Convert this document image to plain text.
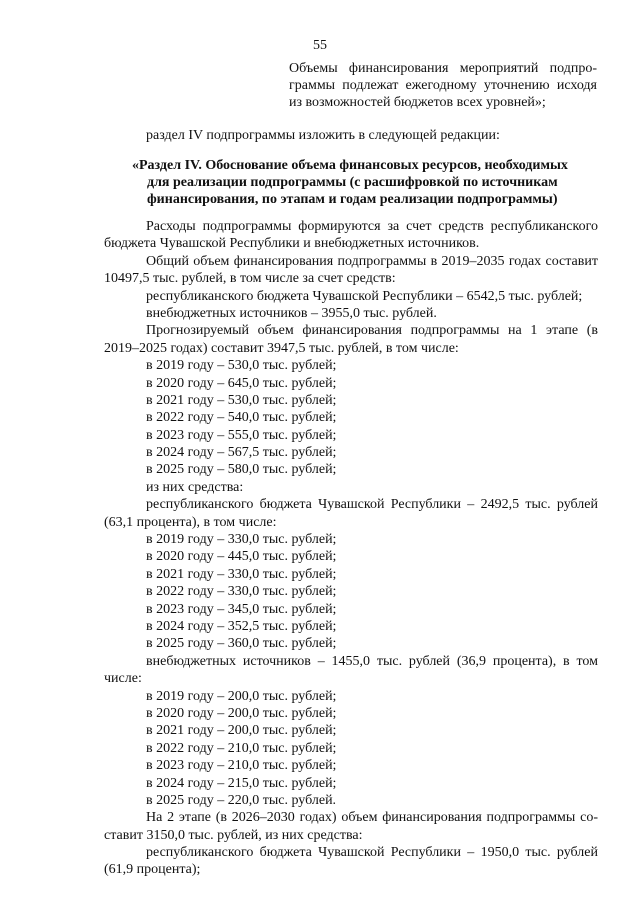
55
Объемы финансирования мероприятий подпро-
граммы подлежат ежегодному уточнению исходя
из возможностей бюджетов всех уровней»;
раздел IV подпрограммы изложить в следующей редакции:
«Раздел IV. Обоснование объема финансовых ресурсов, необходимых
для реализации подпрограммы (с расшифровкой по источникам
финансирования, по этапам и годам реализации подпрограммы)
Расходы подпрограммы формируются за счет средств республиканского
бюджета Чувашской Республики и внебюджетных источников.
Общий объем финансирования подпрограммы в 2019–2035 годах составит
10497,5 тыс. рублей, в том числе за счет средств:
республиканского бюджета Чувашской Республики – 6542,5 тыс. рублей;
внебюджетных источников – 3955,0 тыс. рублей.
Прогнозируемый объем финансирования подпрограммы на 1 этапе (в
2019–2025 годах) составит 3947,5 тыс. рублей, в том числе:
в 2019 году – 530,0 тыс. рублей;
в 2020 году – 645,0 тыс. рублей;
в 2021 году – 530,0 тыс. рублей;
в 2022 году – 540,0 тыс. рублей;
в 2023 году – 555,0 тыс. рублей;
в 2024 году – 567,5 тыс. рублей;
в 2025 году – 580,0 тыс. рублей;
из них средства:
республиканского бюджета Чувашской Республики – 2492,5 тыс. рублей
(63,1 процента), в том числе:
в 2019 году – 330,0 тыс. рублей;
в 2020 году – 445,0 тыс. рублей;
в 2021 году – 330,0 тыс. рублей;
в 2022 году – 330,0 тыс. рублей;
в 2023 году – 345,0 тыс. рублей;
в 2024 году – 352,5 тыс. рублей;
в 2025 году – 360,0 тыс. рублей;
внебюджетных источников – 1455,0 тыс. рублей (36,9 процента), в том
числе:
в 2019 году – 200,0 тыс. рублей;
в 2020 году – 200,0 тыс. рублей;
в 2021 году – 200,0 тыс. рублей;
в 2022 году – 210,0 тыс. рублей;
в 2023 году – 210,0 тыс. рублей;
в 2024 году – 215,0 тыс. рублей;
в 2025 году – 220,0 тыс. рублей.
На 2 этапе (в 2026–2030 годах) объем финансирования подпрограммы со-
ставит 3150,0 тыс. рублей, из них средства:
республиканского бюджета Чувашской Республики – 1950,0 тыс. рублей
(61,9 процента);
